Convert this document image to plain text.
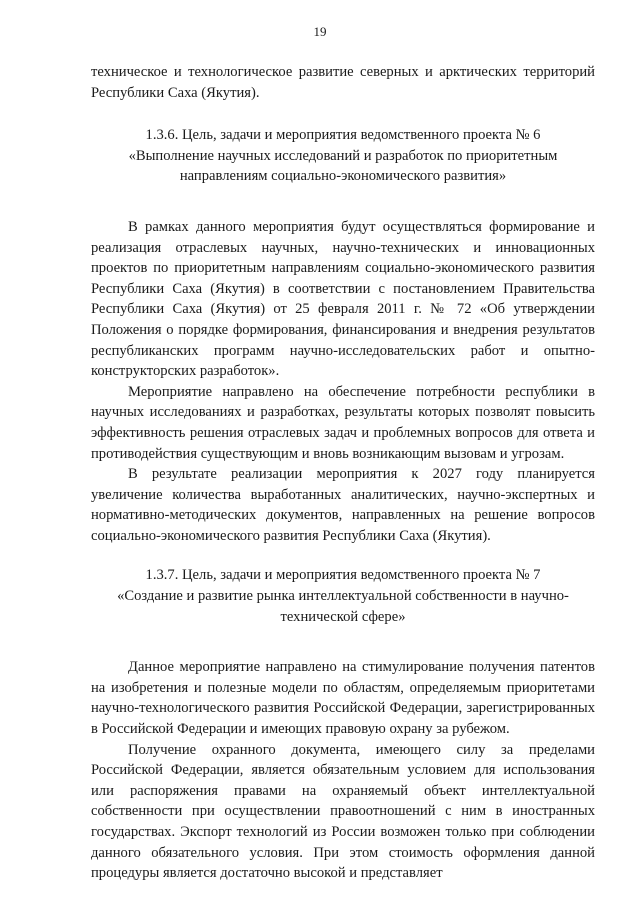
19

техническое и технологическое развитие северных и арктических территорий Республики Саха (Якутия).

1.3.6. Цель, задачи и мероприятия ведомственного проекта № 6
«Выполнение научных исследований и разработок по приоритетным
направлениям социально-экономического развития»

В рамках данного мероприятия будут осуществляться формирование и реализация отраслевых научных, научно-технических и инновационных проектов по приоритетным направлениям социально-экономического развития Республики Саха (Якутия) в соответствии с постановлением Правительства Республики Саха (Якутия) от 25 февраля 2011 г. № 72 «Об утверждении Положения о порядке формирования, финансирования и внедрения результатов республиканских программ научно-исследовательских работ и опытно-конструкторских разработок».

Мероприятие направлено на обеспечение потребности республики в научных исследованиях и разработках, результаты которых позволят повысить эффективность решения отраслевых задач и проблемных вопросов для ответа и противодействия существующим и вновь возникающим вызовам и угрозам.

В результате реализации мероприятия к 2027 году планируется увеличение количества выработанных аналитических, научно-экспертных и нормативно-методических документов, направленных на решение вопросов социально-экономического развития Республики Саха (Якутия).

1.3.7. Цель, задачи и мероприятия ведомственного проекта № 7
«Создание и развитие рынка интеллектуальной собственности в научно-
технической сфере»

Данное мероприятие направлено на стимулирование получения патентов на изобретения и полезные модели по областям, определяемым приоритетами научно-технологического развития Российской Федерации, зарегистрированных в Российской Федерации и имеющих правовую охрану за рубежом.

Получение охранного документа, имеющего силу за пределами Российской Федерации, является обязательным условием для использования или распоряжения правами на охраняемый объект интеллектуальной собственности при осуществлении правоотношений с ним в иностранных государствах. Экспорт технологий из России возможен только при соблюдении данного обязательного условия. При этом стоимость оформления данной процедуры является достаточно высокой и представляет
